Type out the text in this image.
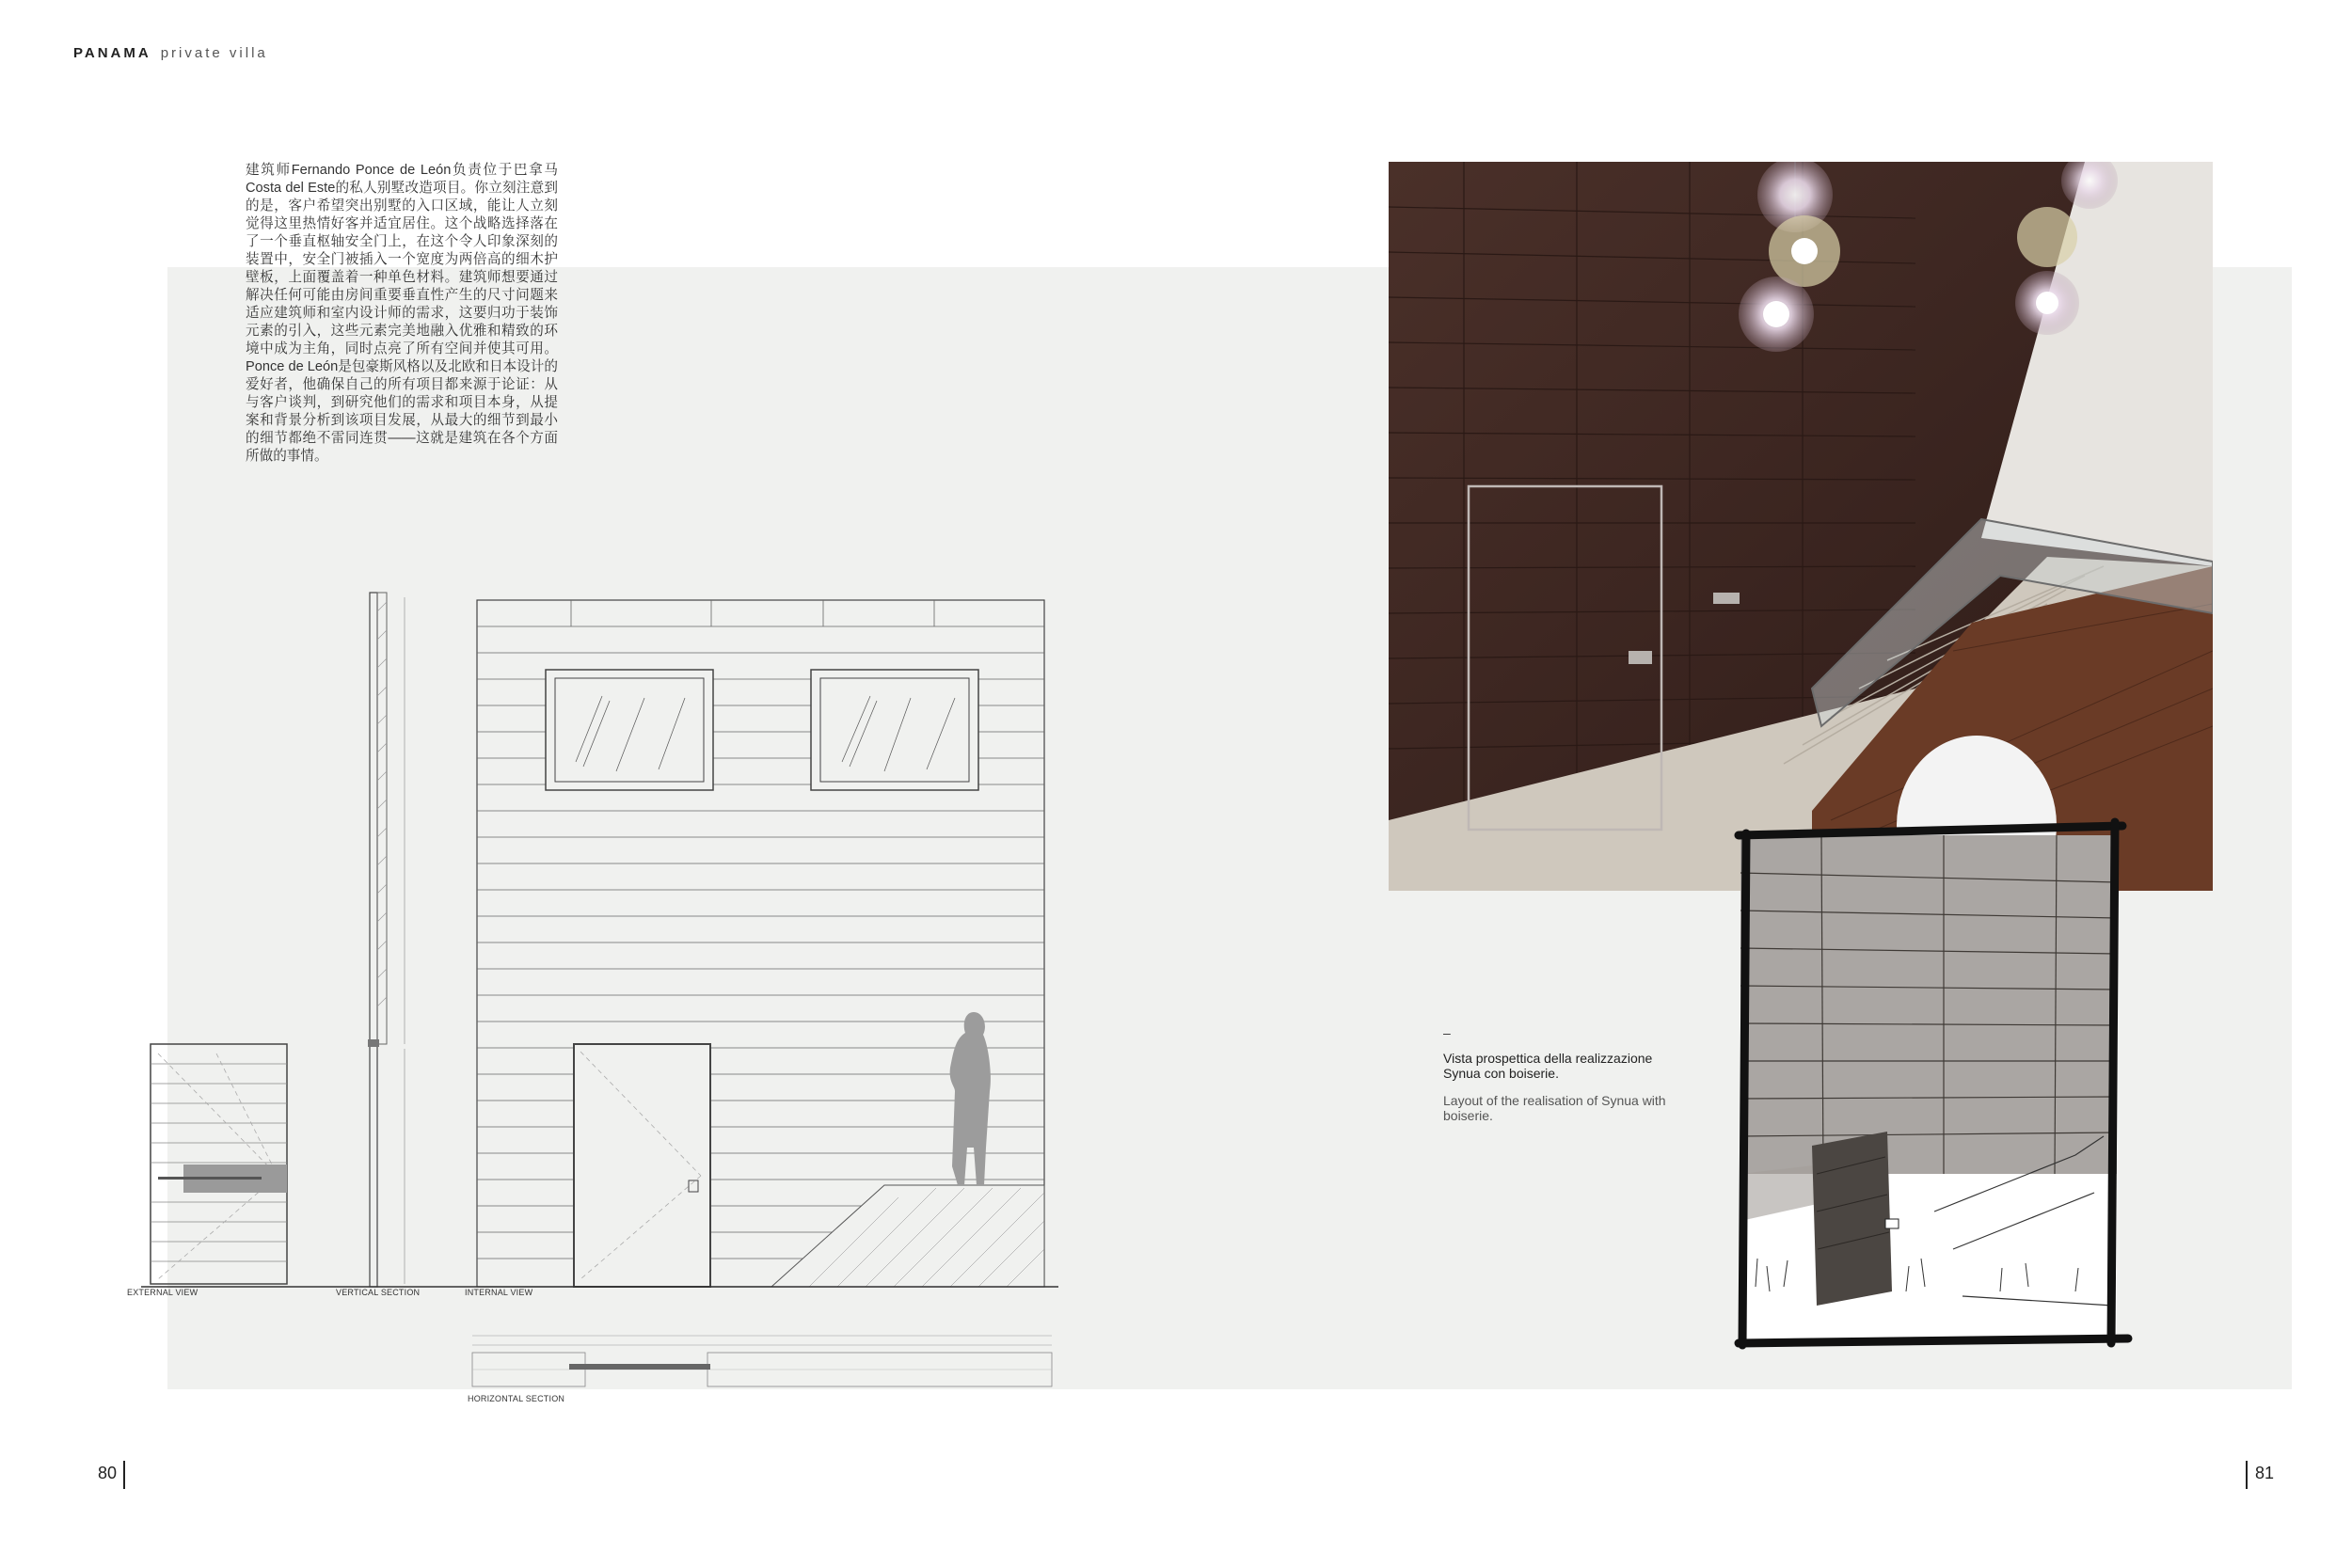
PANAMA private villa
建筑师Fernando Ponce de León负责位于巴拿马Costa del Este的私人别墅改造项目。你立刻注意到的是，客户希望突出别墅的入口区域，能让人立刻觉得这里热情好客并适宜居住。这个战略选择落在了一个垂直枢轴安全门上，在这个令人印象深刻的装置中，安全门被插入一个宽度为两倍高的细木护壁板，上面覆盖着一种单色材料。建筑师想要通过解决任何可能由房间重要垂直性产生的尺寸问题来适应建筑师和室内设计师的需求，这要归功于装饰元素的引入，这些元素完美地融入优雅和精致的环境中成为主角，同时点亮了所有空间并使其可用。Ponce de León是包豪斯风格以及北欧和日本设计的爱好者，他确保自己的所有项目都来源于论证：从与客户谈判，到研究他们的需求和项目本身，从提案和背景分析到该项目发展，从最大的细节到最小的细节都绝不雷同连贯——这就是建筑在各个方面所做的事情。
EXTERNAL VIEW	VERTICAL SECTION	INTERNAL VIEW
HORIZONTAL SECTION
–
Vista prospettica della realizzazione Synua con boiserie.
Layout of the realisation of Synua with boiserie.
80	81
